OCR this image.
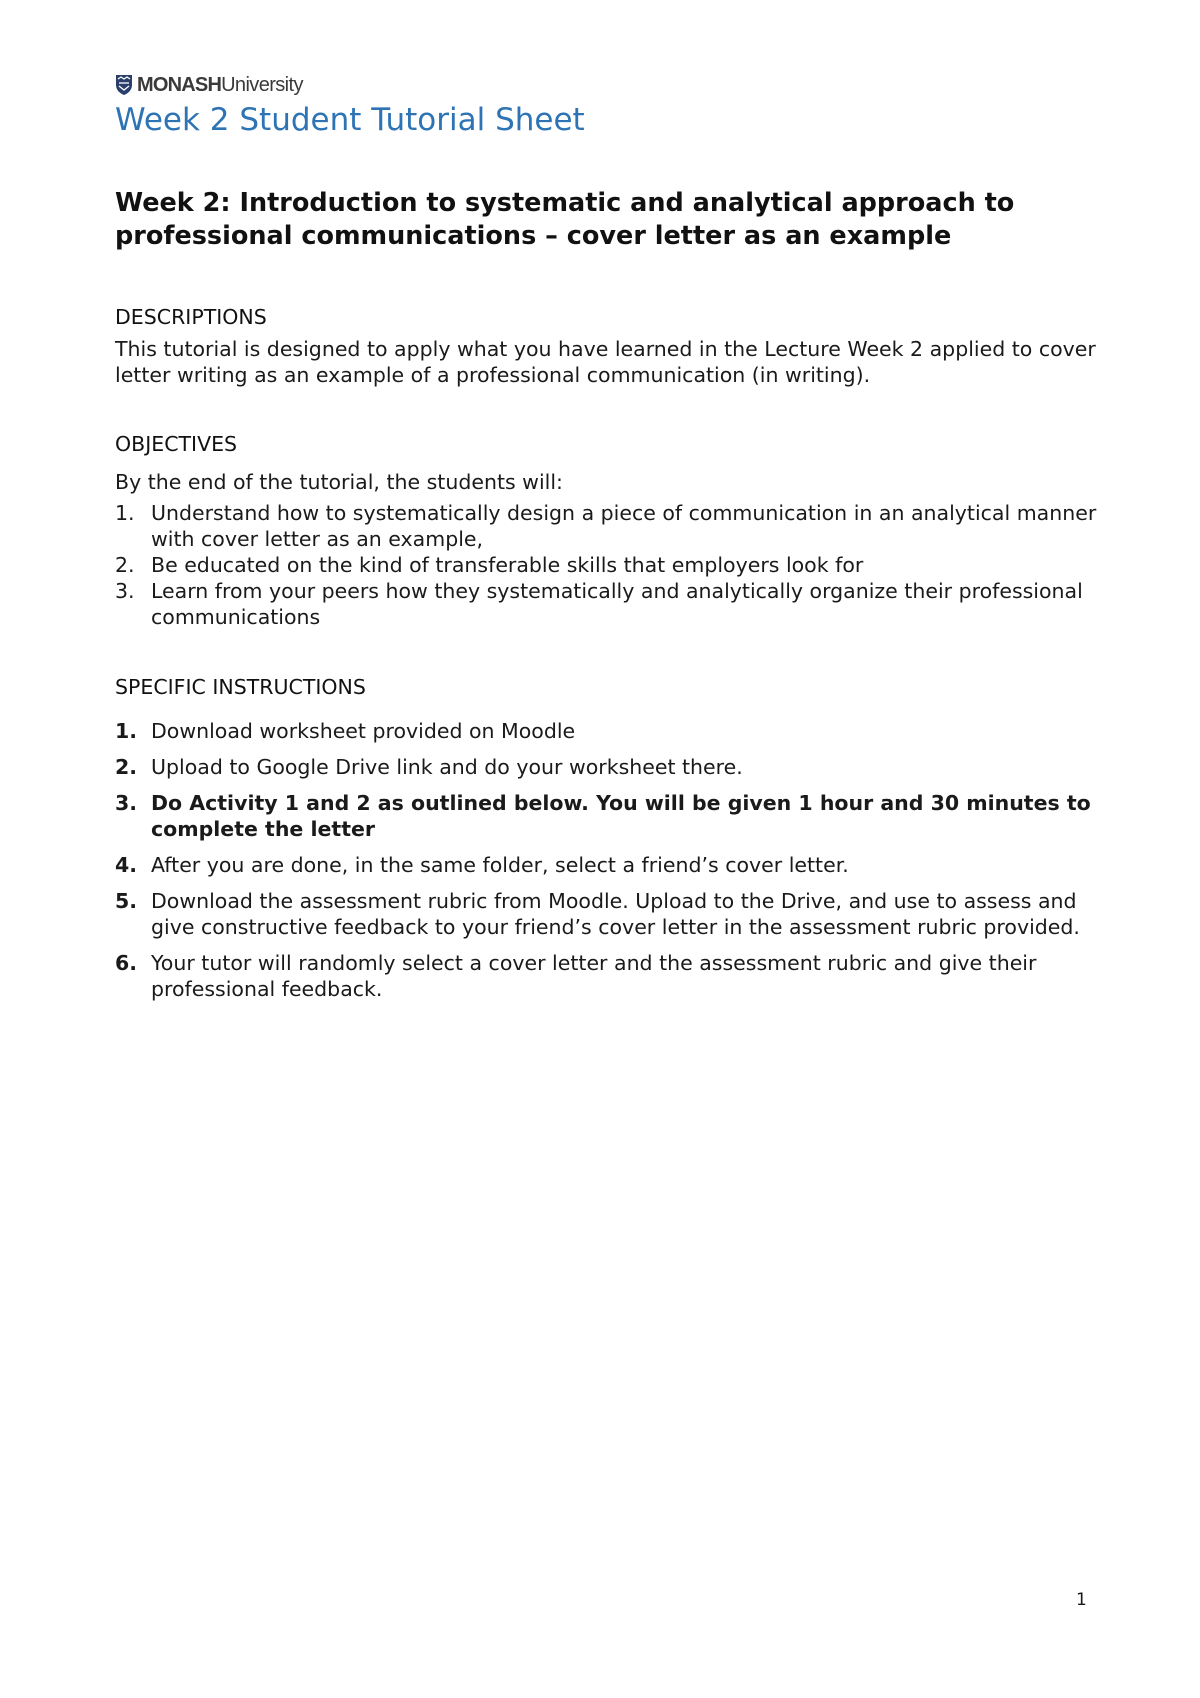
MONASHUniversity
Week 2 Student Tutorial Sheet
Week 2: Introduction to systematic and analytical approach to professional communications – cover letter as an example
DESCRIPTIONS
This tutorial is designed to apply what you have learned in the Lecture Week 2 applied to cover letter writing as an example of a professional communication (in writing).
OBJECTIVES
By the end of the tutorial, the students will:
1. Understand how to systematically design a piece of communication in an analytical manner with cover letter as an example,
2. Be educated on the kind of transferable skills that employers look for
3. Learn from your peers how they systematically and analytically organize their professional communications
SPECIFIC INSTRUCTIONS
1. Download worksheet provided on Moodle
2. Upload to Google Drive link and do your worksheet there.
3. Do Activity 1 and 2 as outlined below. You will be given 1 hour and 30 minutes to complete the letter
4. After you are done, in the same folder, select a friend’s cover letter.
5. Download the assessment rubric from Moodle. Upload to the Drive, and use to assess and give constructive feedback to your friend’s cover letter in the assessment rubric provided.
6. Your tutor will randomly select a cover letter and the assessment rubric and give their professional feedback.
1
